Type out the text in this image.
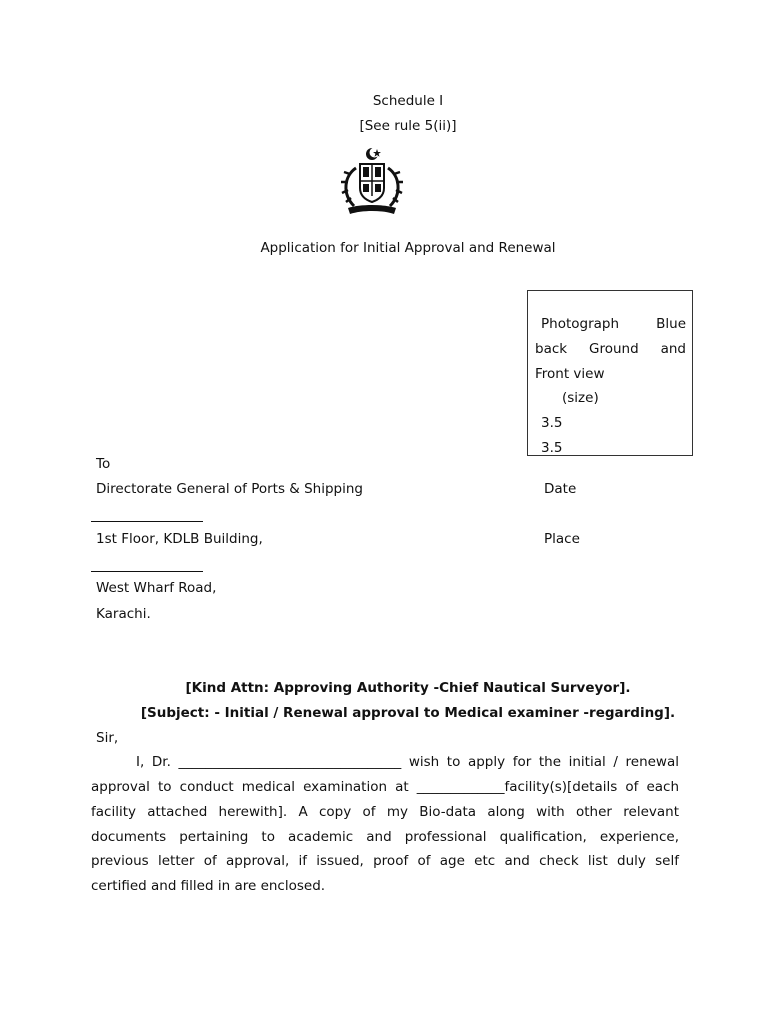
Schedule I
[See rule 5(ii)]
Application for Initial Approval and Renewal
Photograph	Blue
back Ground and
Front view
(size)
3.5
3.5
To
Directorate General of Ports & Shipping	Date
1st Floor, KDLB Building,	Place
West Wharf Road,
Karachi.
[Kind Attn: Approving Authority -Chief Nautical Surveyor].
[Subject: - Initial / Renewal approval to Medical examiner -regarding].
Sir,
I, Dr. _________________________________ wish to apply for the initial / renewal
approval to conduct medical examination at _____________facility(s)[details of each
facility attached herewith]. A copy of my Bio-data along with other relevant
documents pertaining to academic and professional qualification, experience,
previous letter of approval, if issued, proof of age etc and check list duly self
certified and filled in are enclosed.
